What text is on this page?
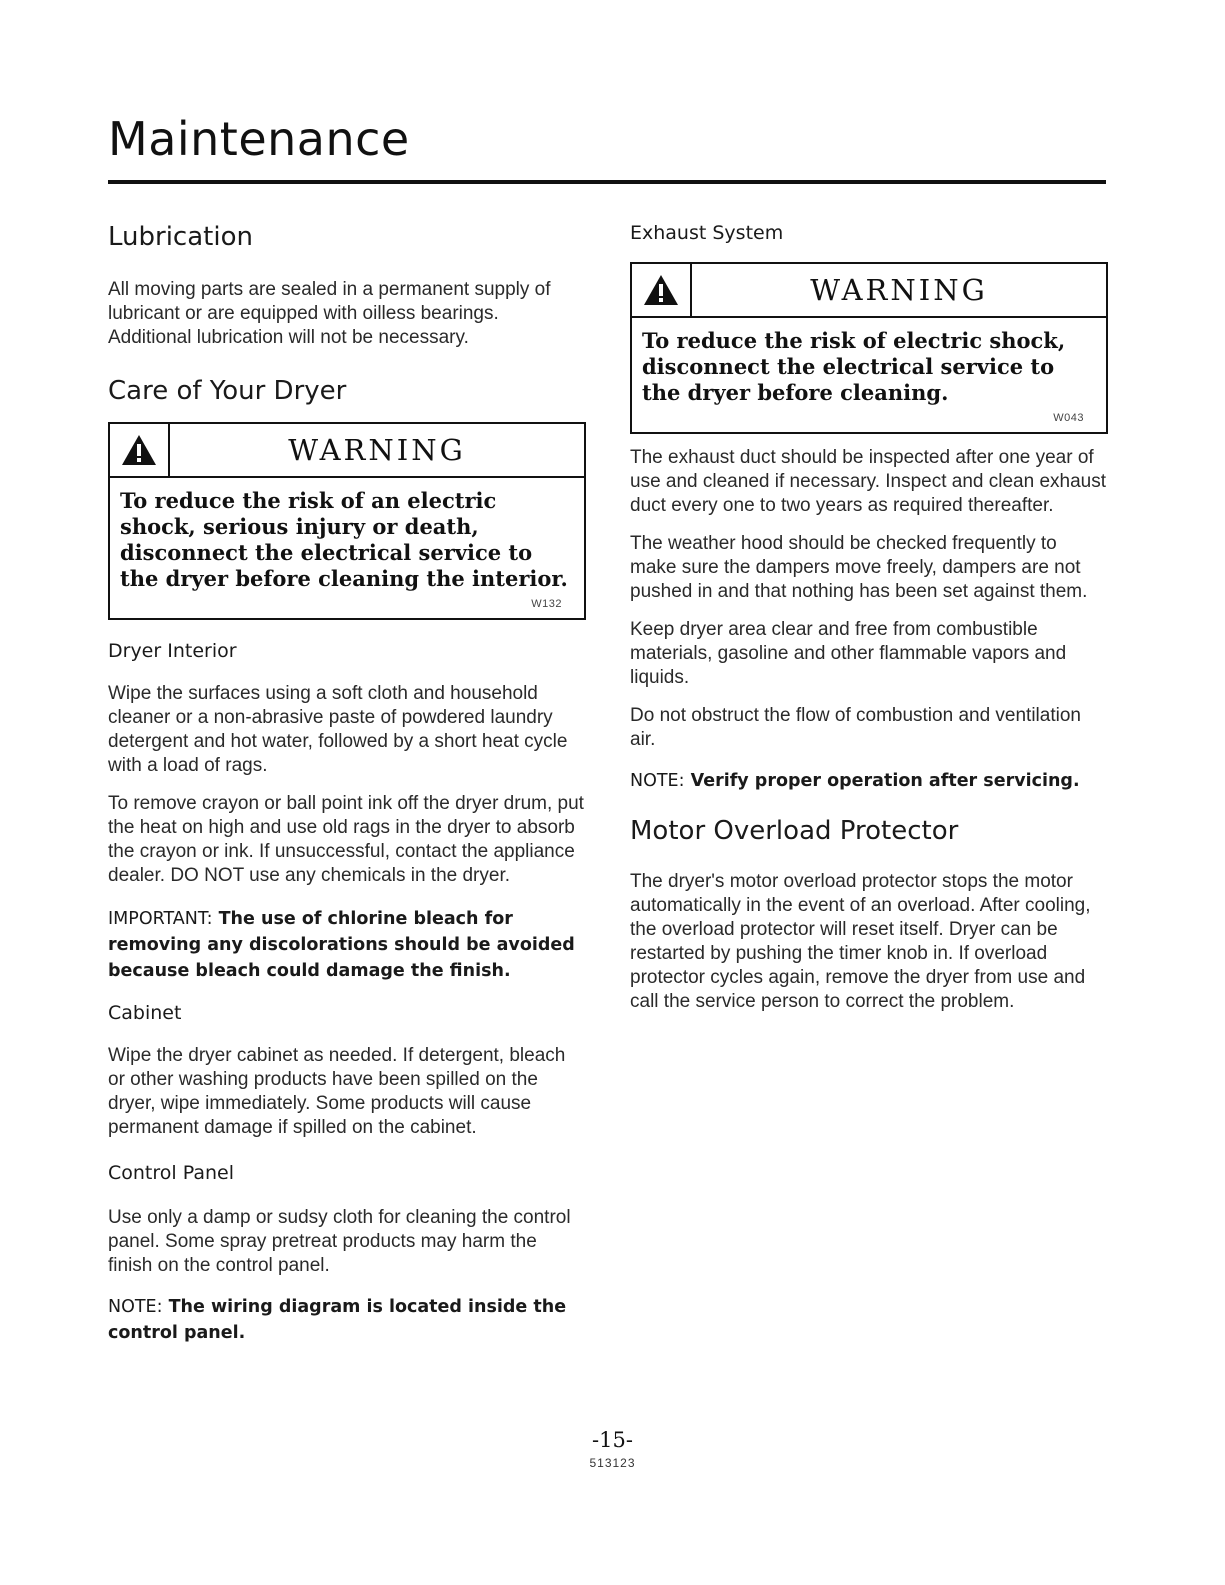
Maintenance
Lubrication

All moving parts are sealed in a permanent supply of lubricant or are equipped with oilless bearings. Additional lubrication will not be necessary.

Care of Your Dryer
WARNING
To reduce the risk of an electric shock, serious injury or death, disconnect the electrical service to the dryer before cleaning the interior.
W132
Dryer Interior

Wipe the surfaces using a soft cloth and household cleaner or a non-abrasive paste of powdered laundry detergent and hot water, followed by a short heat cycle with a load of rags.

To remove crayon or ball point ink off the dryer drum, put the heat on high and use old rags in the dryer to absorb the crayon or ink. If unsuccessful, contact the appliance dealer. DO NOT use any chemicals in the dryer.

IMPORTANT: The use of chlorine bleach for removing any discolorations should be avoided because bleach could damage the finish.

Cabinet

Wipe the dryer cabinet as needed. If detergent, bleach or other washing products have been spilled on the dryer, wipe immediately. Some products will cause permanent damage if spilled on the cabinet.

Control Panel

Use only a damp or sudsy cloth for cleaning the control panel. Some spray pretreat products may harm the finish on the control panel.

NOTE: The wiring diagram is located inside the control panel.

Exhaust System
WARNING
To reduce the risk of electric shock, disconnect the electrical service to the dryer before cleaning.
W043

The exhaust duct should be inspected after one year of use and cleaned if necessary. Inspect and clean exhaust duct every one to two years as required thereafter.

The weather hood should be checked frequently to make sure the dampers move freely, dampers are not pushed in and that nothing has been set against them.

Keep dryer area clear and free from combustible materials, gasoline and other flammable vapors and liquids.

Do not obstruct the flow of combustion and ventilation air.

NOTE: Verify proper operation after servicing.

Motor Overload Protector

The dryer's motor overload protector stops the motor automatically in the event of an overload. After cooling, the overload protector will reset itself. Dryer can be restarted by pushing the timer knob in. If overload protector cycles again, remove the dryer from use and call the service person to correct the problem.

-15-
513123
